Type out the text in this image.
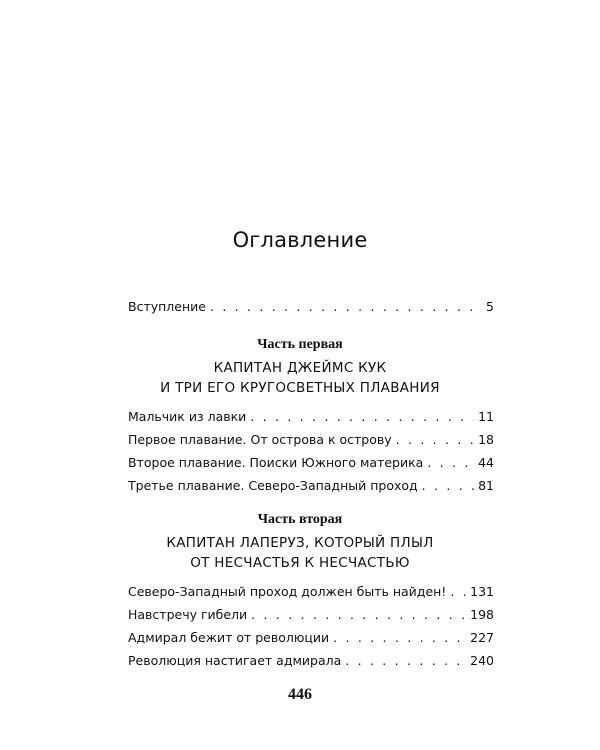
Оглавление
Вступление . . .	5
Часть первая
КАПИТАН ДЖЕЙМС КУК
И ТРИ ЕГО КРУГОСВЕТНЫХ ПЛАВАНИЯ
Мальчик из лавки . . .	11
Первое плавание. От острова к острову . . .	18
Второе плавание. Поиски Южного материка . . .	44
Третье плавание. Северо-Западный проход . . .	81
Часть вторая
КАПИТАН ЛАПЕРУЗ, КОТОРЫЙ ПЛЫЛ
ОТ НЕСЧАСТЬЯ К НЕСЧАСТЬЮ
Северо-Западный проход должен быть найден! . . . 131
Навстречу гибели . . .	198
Адмирал бежит от революции . . .	227
Революция настигает адмирала . . .	240
446
